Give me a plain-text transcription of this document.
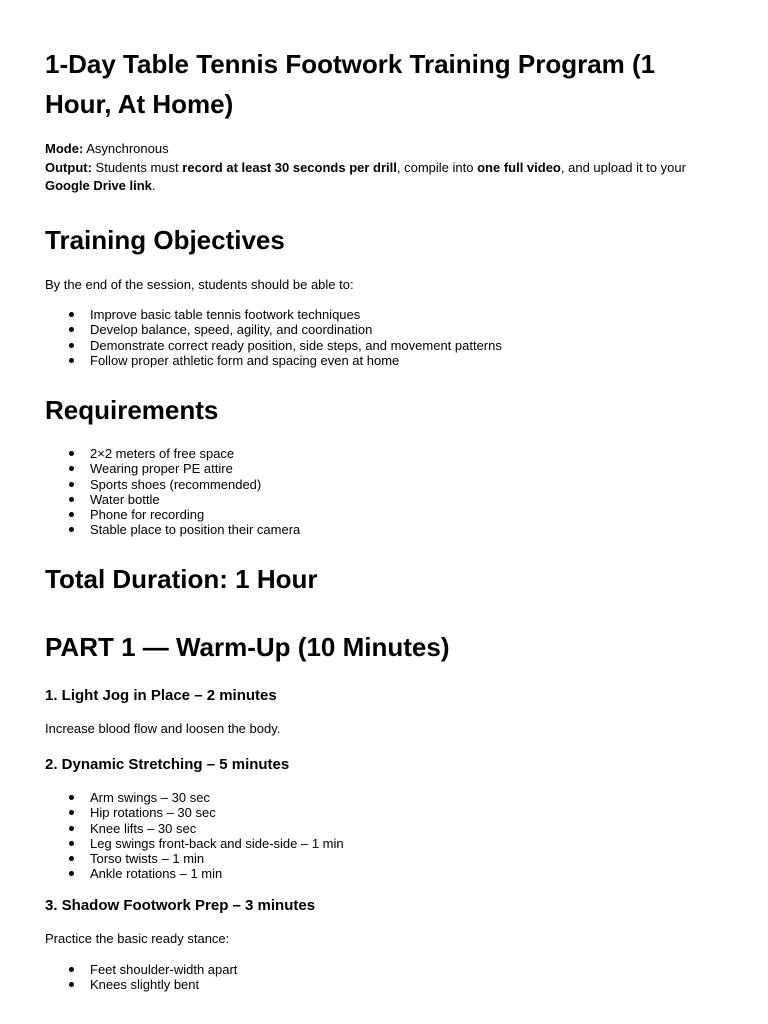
1-Day Table Tennis Footwork Training Program (1 Hour, At Home)
Mode: Asynchronous
Output: Students must record at least 30 seconds per drill, compile into one full video, and upload it to your Google Drive link.
Training Objectives

By the end of the session, students should be able to:

Improve basic table tennis footwork techniques
Develop balance, speed, agility, and coordination
Demonstrate correct ready position, side steps, and movement patterns
Follow proper athletic form and spacing even at home
Requirements
2×2 meters of free space
Wearing proper PE attire
Sports shoes (recommended)
Water bottle
Phone for recording
Stable place to position their camera
Total Duration: 1 Hour
PART 1 — Warm-Up (10 Minutes)
1. Light Jog in Place – 2 minutes

Increase blood flow and loosen the body.

2. Dynamic Stretching – 5 minutes
Arm swings – 30 sec
Hip rotations – 30 sec
Knee lifts – 30 sec
Leg swings front-back and side-side – 1 min
Torso twists – 1 min
Ankle rotations – 1 min
3. Shadow Footwork Prep – 3 minutes

Practice the basic ready stance:

Feet shoulder-width apart
Knees slightly bent
